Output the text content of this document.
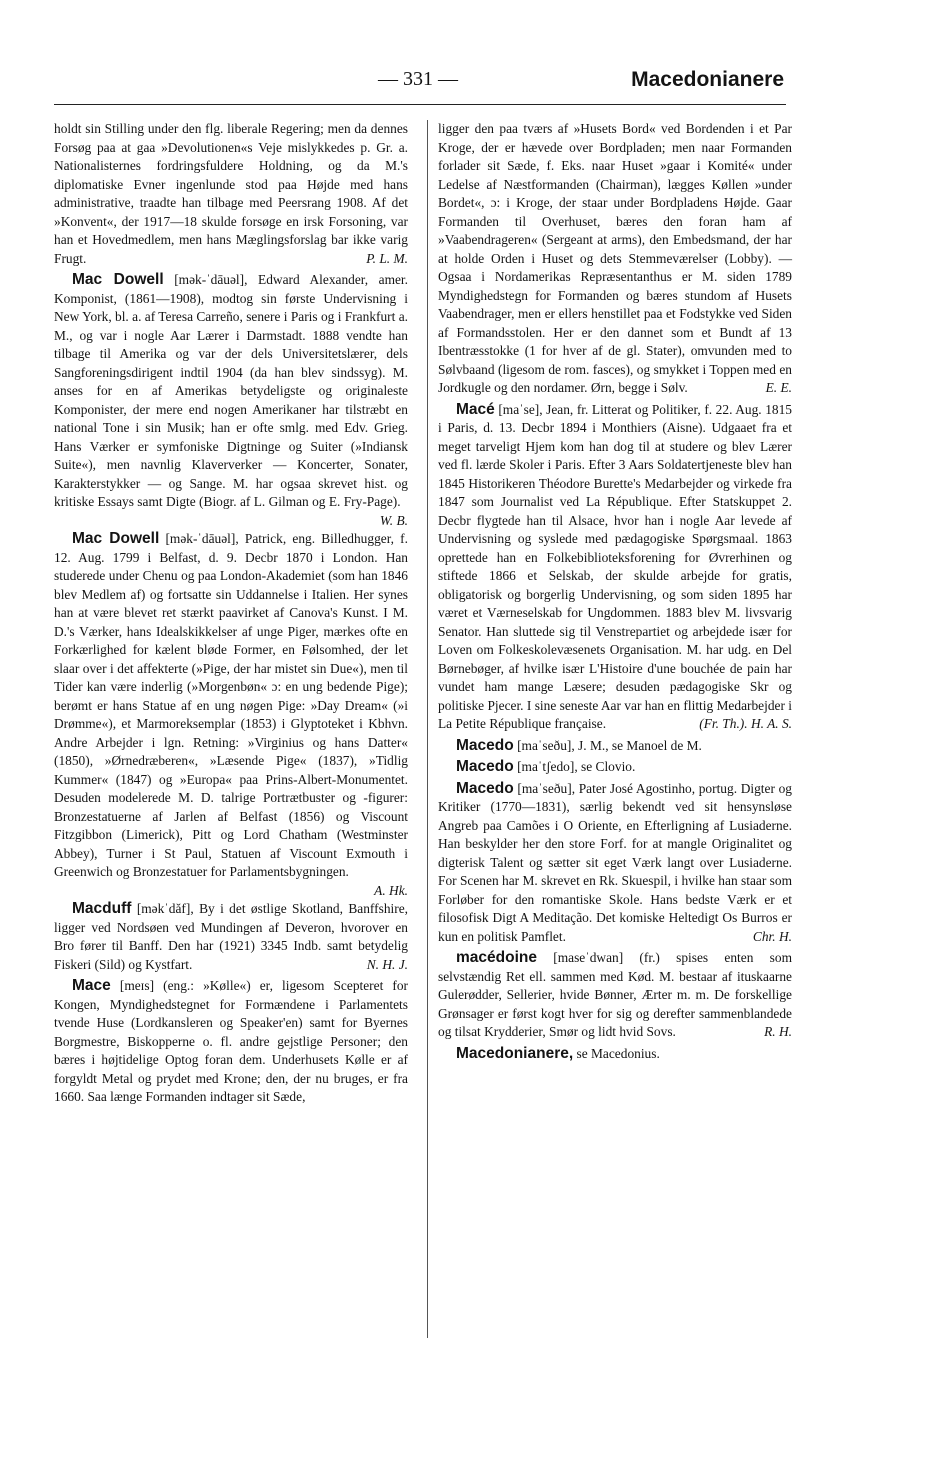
— 331 —	Macedonianere

holdt sin Stilling under den flg. liberale Regering; men da dennes Forsøg paa at gaa »Devolutionen«s Veje mislykkedes p. Gr. a. Nationalisternes fordringsfuldere Holdning, og da M.'s diplomatiske Evner ingenlunde stod paa Højde med hans administrative, traadte han tilbage med Peersrang 1908. Af det »Konvent«, der 1917—18 skulde forsøge en irsk Forsoning, var han et Hovedmedlem, men hans Mæglingsforslag bar ikke varig Frugt.	P. L. M.

Mac Dowell [mək-ˈdāuəl], Edward Alexander, amer. Komponist, (1861—1908), modtog sin første Undervisning i New York, bl. a. af Teresa Carreño, senere i Paris og i Frankfurt a. M., og var i nogle Aar Lærer i Darmstadt. 1888 vendte han tilbage til Amerika og var der dels Universitetslærer, dels Sangforeningsdirigent indtil 1904 (da han blev sindssyg). M. anses for en af Amerikas betydeligste og originaleste Komponister, der mere end nogen Amerikaner har tilstræbt en national Tone i sin Musik; han er ofte smlg. med Edv. Grieg. Hans Værker er symfoniske Digtninge og Suiter (»Indiansk Suite«), men navnlig Klaververker — Koncerter, Sonater, Karakterstykker — og Sange. M. har ogsaa skrevet hist. og kritiske Essays samt Digte (Biogr. af L. Gilman og E. Fry-Page).
W. B.

Mac Dowell [mək-ˈdāuəl], Patrick, eng. Billedhugger, f. 12. Aug. 1799 i Belfast, d. 9. Decbr 1870 i London. Han studerede under Chenu og paa London-Akademiet (som han 1846 blev Medlem af) og fortsatte sin Uddannelse i Italien. Her synes han at være blevet ret stærkt paavirket af Canova's Kunst. I M. D.'s Værker, hans Idealskikkelser af unge Piger, mærkes ofte en Forkærlighed for kælent bløde Former, en Følsomhed, der let slaar over i det affekterte (»Pige, der har mistet sin Due«), men til Tider kan være inderlig (»Morgenbøn« ɔ: en ung bedende Pige); berømt er hans Statue af en ung nøgen Pige: »Day Dream« (»i Drømme«), et Marmoreksemplar (1853) i Glyptoteket i Kbhvn. Andre Arbejder i lgn. Retning: »Virginius og hans Datter« (1850), »Ørnedræberen«, »Læsende Pige« (1837), »Tidlig Kummer« (1847) og »Europa« paa Prins-Albert-Monumentet. Desuden modelerede M. D. talrige Portrætbuster og -figurer: Bronzestatuerne af Jarlen af Belfast (1856) og Viscount Fitzgibbon (Limerick), Pitt og Lord Chatham (Westminster Abbey), Turner i St Paul, Statuen af Viscount Exmouth i Greenwich og Bronzestatuer for Parlamentsbygningen.
A. Hk.

Macduff [məkˈdăf], By i det østlige Skotland, Banffshire, ligger ved Nordsøen ved Mundingen af Deveron, hvorover en Bro fører til Banff. Den har (1921) 3345 Indb. samt betydelig Fiskeri (Sild) og Kystfart.	N. H. J.

Mace [meɪs] (eng.: »Kølle«) er, ligesom Scepteret for Kongen, Myndighedstegnet for Formændene i Parlamentets tvende Huse (Lordkansleren og Speaker'en) samt for Byernes Borgmestre, Biskopperne o. fl. andre gejstlige Personer; den bæres i højtidelige Optog foran dem. Underhusets Kølle er af forgyldt Metal og prydet med Krone; den, der nu bruges, er fra 1660. Saa længe Formanden indtager sit Sæde,

ligger den paa tværs af »Husets Bord« ved Bordenden i et Par Kroge, der er hævede over Bordpladen; men naar Formanden forlader sit Sæde, f. Eks. naar Huset »gaar i Komité« under Ledelse af Næstformanden (Chairman), lægges Køllen »under Bordet«, ɔ: i Kroge, der staar under Bordpladens Højde. Gaar Formanden til Overhuset, bæres den foran ham af »Vaabendrageren« (Sergeant at arms), den Embedsmand, der har at holde Orden i Huset og dets Stemmeværelser (Lobby). — Ogsaa i Nordamerikas Repræsentanthus er M. siden 1789 Myndighedstegn for Formanden og bæres stundom af Husets Vaabendrager, men er ellers henstillet paa et Fodstykke ved Siden af Formandsstolen. Her er den dannet som et Bundt af 13 Ibentræsstokke (1 for hver af de gl. Stater), omvunden med to Sølvbaand (ligesom de rom. fasces), og smykket i Toppen med en Jordkugle og den nordamer. Ørn, begge i Sølv.	E. E.

Macé [maˈse], Jean, fr. Litterat og Politiker, f. 22. Aug. 1815 i Paris, d. 13. Decbr 1894 i Monthiers (Aisne). Udgaaet fra et meget tarveligt Hjem kom han dog til at studere og blev Lærer ved fl. lærde Skoler i Paris. Efter 3 Aars Soldatertjeneste blev han 1845 Historikeren Théodore Burette's Medarbejder og virkede fra 1847 som Journalist ved La République. Efter Statskuppet 2. Decbr flygtede han til Alsace, hvor han i nogle Aar levede af Undervisning og syslede med pædagogiske Spørgsmaal. 1863 oprettede han en Folkebiblioteksforening for Øvrerhinen og stiftede 1866 et Selskab, der skulde arbejde for gratis, obligatorisk og borgerlig Undervisning, og som siden 1895 har været et Værneselskab for Ungdommen. 1883 blev M. livsvarig Senator. Han sluttede sig til Venstrepartiet og arbejdede især for Loven om Folkeskolevæsenets Organisation. M. har udg. en Del Børnebøger, af hvilke især L'Histoire d'une bouchée de pain har vundet ham mange Læsere; desuden pædagogiske Skr og politiske Pjecer. I sine seneste Aar var han en flittig Medarbejder i La Petite République française.	(Fr. Th.). H. A. S.

Macedo [maˈseðu], J. M., se Manoel de M.

Macedo [maˈtʃedo], se Clovio.

Macedo [maˈseðu], Pater José Agostinho, portug. Digter og Kritiker (1770—1831), særlig bekendt ved sit hensynsløse Angreb paa Camões i O Oriente, en Efterligning af Lusiaderne. Han beskylder her den store Forf. for at mangle Originalitet og digterisk Talent og sætter sit eget Værk langt over Lusiaderne. For Scenen har M. skrevet en Rk. Skuespil, i hvilke han staar som Forløber for den romantiske Skole. Hans bedste Værk er et filosofisk Digt A Meditação. Det komiske Heltedigt Os Burros er kun en politisk Pamflet.	Chr. H.

macédoine [maseˈdwan] (fr.) spises enten som selvstændig Ret ell. sammen med Kød. M. bestaar af ituskaarne Gulerødder, Sellerier, hvide Bønner, Ærter m. m. De forskellige Grønsager er først kogt hver for sig og derefter sammenblandede og tilsat Krydderier, Smør og lidt hvid Sovs.	R. H.

Macedonianere, se Macedonius.
